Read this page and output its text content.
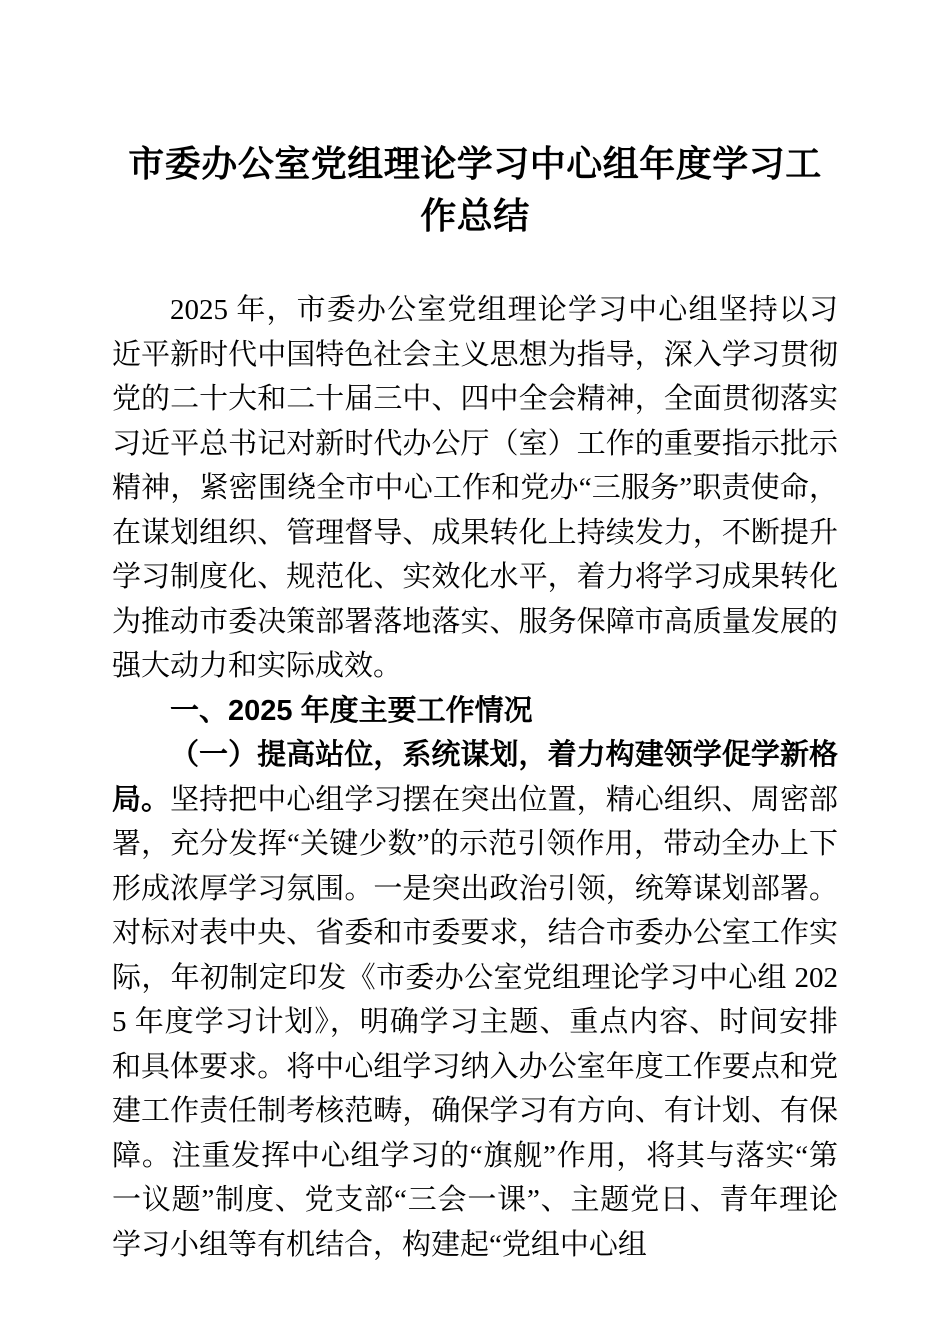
市委办公室党组理论学习中心组年度学习工作总结

2025 年，市委办公室党组理论学习中心组坚持以习近平新时代中国特色社会主义思想为指导，深入学习贯彻党的二十大和二十届三中、四中全会精神，全面贯彻落实习近平总书记对新时代办公厅（室）工作的重要指示批示精神，紧密围绕全市中心工作和党办“三服务”职责使命，在谋划组织、管理督导、成果转化上持续发力，不断提升学习制度化、规范化、实效化水平，着力将学习成果转化为推动市委决策部署落地落实、服务保障市高质量发展的强大动力和实际成效。

一、2025 年度主要工作情况

（一）提高站位，系统谋划，着力构建领学促学新格局。坚持把中心组学习摆在突出位置，精心组织、周密部署，充分发挥“关键少数”的示范引领作用，带动全办上下形成浓厚学习氛围。一是突出政治引领，统筹谋划部署。对标对表中央、省委和市委要求，结合市委办公室工作实际，年初制定印发《市委办公室党组理论学习中心组 2025 年度学习计划》，明确学习主题、重点内容、时间安排和具体要求。将中心组学习纳入办公室年度工作要点和党建工作责任制考核范畴，确保学习有方向、有计划、有保障。注重发挥中心组学习的“旗舰”作用，将其与落实“第一议题”制度、党支部“三会一课”、主题党日、青年理论学习小组等有机结合，构建起“党组中心组
